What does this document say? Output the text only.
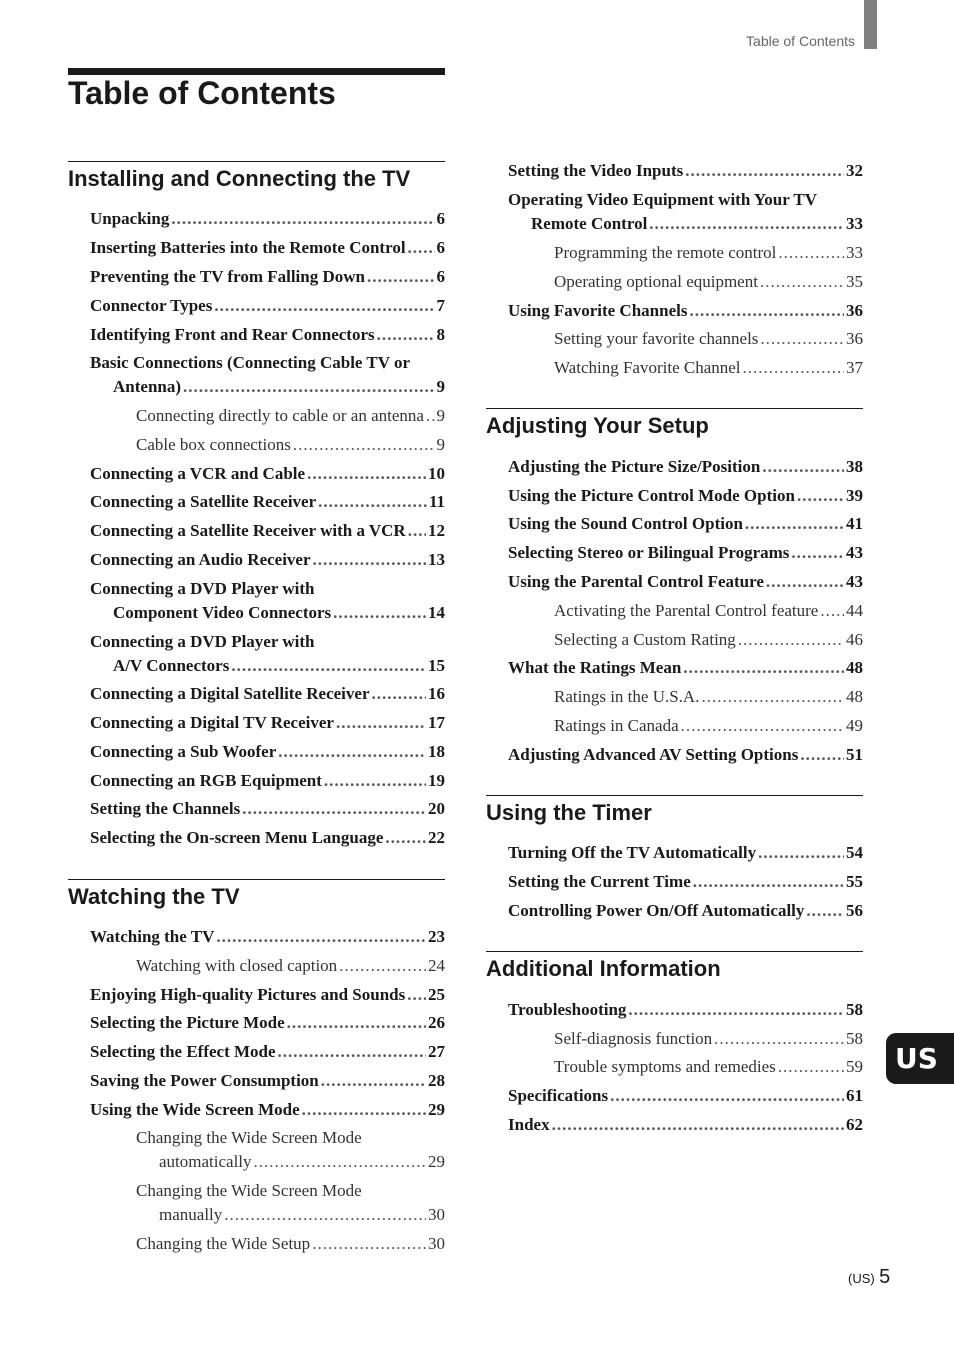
Table of Contents
Table of Contents
Installing and Connecting the TV
Unpacking .....	6
Inserting Batteries into the Remote Control ..... 6
Preventing the TV from Falling Down .....	6
Connector Types .....	7
Identifying Front and Rear Connectors .....	8
Basic Connections (Connecting Cable TV or
Antenna) .....	9
Connecting directly to cable or an antenna ..... 9
Cable box connections .....	9
Connecting a VCR and Cable .....	10
Connecting a Satellite Receiver .....	11
Connecting a Satellite Receiver with a VCR ..... 12
Connecting an Audio Receiver .....	13
Connecting a DVD Player with
Component Video Connectors .....	14
Connecting a DVD Player with
A/V Connectors .....	15
Connecting a Digital Satellite Receiver .....	16
Connecting a Digital TV Receiver .....	17
Connecting a Sub Woofer .....	18
Connecting an RGB Equipment .....	19
Setting the Channels .....	20
Selecting the On-screen Menu Language .....	22
Watching the TV
Watching the TV .....	23
Watching with closed caption .....	24
Enjoying High-quality Pictures and Sounds ..... 25
Selecting the Picture Mode .....	26
Selecting the Effect Mode .....	27
Saving the Power Consumption .....	28
Using the Wide Screen Mode .....	29
Changing the Wide Screen Mode
automatically .....	29
Changing the Wide Screen Mode
manually .....	30
Changing the Wide Setup .....	30
Setting the Video Inputs .....	32
Operating Video Equipment with Your TV
Remote Control .....	33
Programming the remote control .....	33
Operating optional equipment .....	35
Using Favorite Channels .....	36
Setting your favorite channels .....	36
Watching Favorite Channel .....	37
Adjusting Your Setup
Adjusting the Picture Size/Position .....	38
Using the Picture Control Mode Option .....	39
Using the Sound Control Option .....	41
Selecting Stereo or Bilingual Programs .....	43
Using the Parental Control Feature .....	43
Activating the Parental Control feature ..... 44
Selecting a Custom Rating .....	46
What the Ratings Mean .....	48
Ratings in the U.S.A. .....	48
Ratings in Canada .....	49
Adjusting Advanced AV Setting Options .....	51
Using the Timer
Turning Off the TV Automatically .....	54
Setting the Current Time .....	55
Controlling Power On/Off Automatically ..... 56
Additional Information
Troubleshooting .....	58
Self-diagnosis function .....	58
Trouble symptoms and remedies .....	59
Specifications .....	61
Index .....	62
US
(US) 5
